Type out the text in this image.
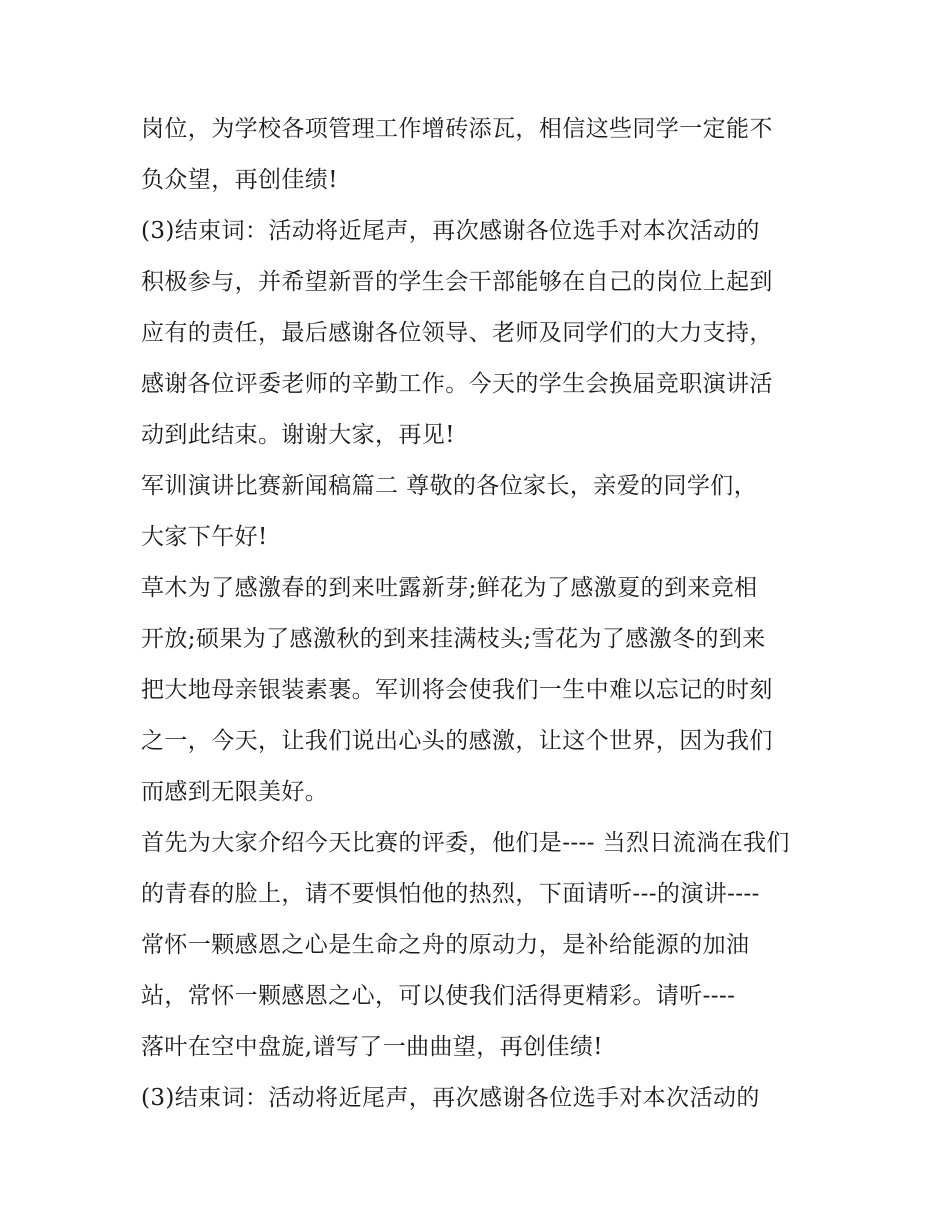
岗位，为学校各项管理工作增砖添瓦，相信这些同学一定能不
负众望，再创佳绩!
(3)结束词：活动将近尾声，再次感谢各位选手对本次活动的
积极参与，并希望新晋的学生会干部能够在自己的岗位上起到
应有的责任，最后感谢各位领导、老师及同学们的大力支持，
感谢各位评委老师的辛勤工作。今天的学生会换届竞职演讲活
动到此结束。谢谢大家，再见!
军训演讲比赛新闻稿篇二 尊敬的各位家长，亲爱的同学们，
大家下午好!
草木为了感激春的到来吐露新芽;鲜花为了感激夏的到来竞相
开放;硕果为了感激秋的到来挂满枝头;雪花为了感激冬的到来
把大地母亲银装素裹。军训将会使我们一生中难以忘记的时刻
之一，今天，让我们说出心头的感激，让这个世界，因为我们
而感到无限美好。
首先为大家介绍今天比赛的评委，他们是---- 当烈日流淌在我们
的青春的脸上，请不要惧怕他的热烈，下面请听---的演讲----
常怀一颗感恩之心是生命之舟的原动力，是补给能源的加油
站，常怀一颗感恩之心，可以使我们活得更精彩。请听----
落叶在空中盘旋,谱写了一曲曲望，再创佳绩!
(3)结束词：活动将近尾声，再次感谢各位选手对本次活动的
